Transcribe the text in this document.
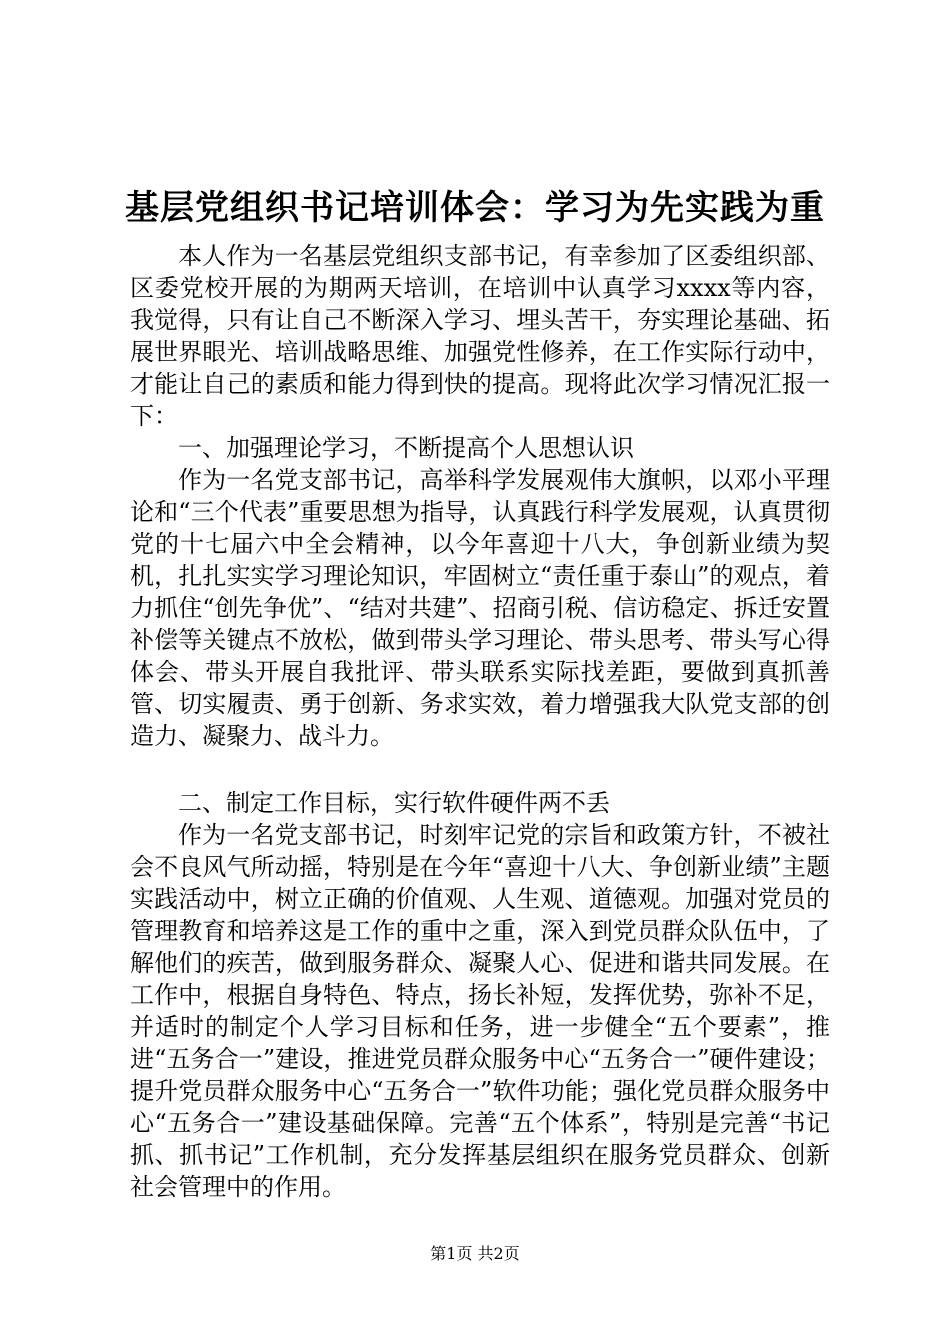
基层党组织书记培训体会：学习为先实践为重

本人作为一名基层党组织支部书记，有幸参加了区委组织部、区委党校开展的为期两天培训，在培训中认真学习xxxx等内容，我觉得，只有让自己不断深入学习、埋头苦干，夯实理论基础、拓展世界眼光、培训战略思维、加强党性修养，在工作实际行动中，才能让自己的素质和能力得到快的提高。现将此次学习情况汇报一下：

一、加强理论学习，不断提高个人思想认识

作为一名党支部书记，高举科学发展观伟大旗帜，以邓小平理论和“三个代表”重要思想为指导，认真践行科学发展观，认真贯彻党的十七届六中全会精神，以今年喜迎十八大，争创新业绩为契机，扎扎实实学习理论知识，牢固树立“责任重于泰山”的观点，着力抓住“创先争优”、“结对共建”、招商引税、信访稳定、拆迁安置补偿等关键点不放松，做到带头学习理论、带头思考、带头写心得体会、带头开展自我批评、带头联系实际找差距，要做到真抓善管、切实履责、勇于创新、务求实效，着力增强我大队党支部的创造力、凝聚力、战斗力。

二、制定工作目标，实行软件硬件两不丢

作为一名党支部书记，时刻牢记党的宗旨和政策方针，不被社会不良风气所动摇，特别是在今年“喜迎十八大、争创新业绩”主题实践活动中，树立正确的价值观、人生观、道德观。加强对党员的管理教育和培养这是工作的重中之重，深入到党员群众队伍中，了解他们的疾苦，做到服务群众、凝聚人心、促进和谐共同发展。在工作中，根据自身特色、特点，扬长补短，发挥优势，弥补不足，并适时的制定个人学习目标和任务，进一步健全“五个要素”，推进“五务合一”建设，推进党员群众服务中心“五务合一”硬件建设；提升党员群众服务中心“五务合一”软件功能；强化党员群众服务中心“五务合一”建设基础保障。完善“五个体系”，特别是完善“书记抓、抓书记”工作机制，充分发挥基层组织在服务党员群众、创新社会管理中的作用。

第1页 共2页
